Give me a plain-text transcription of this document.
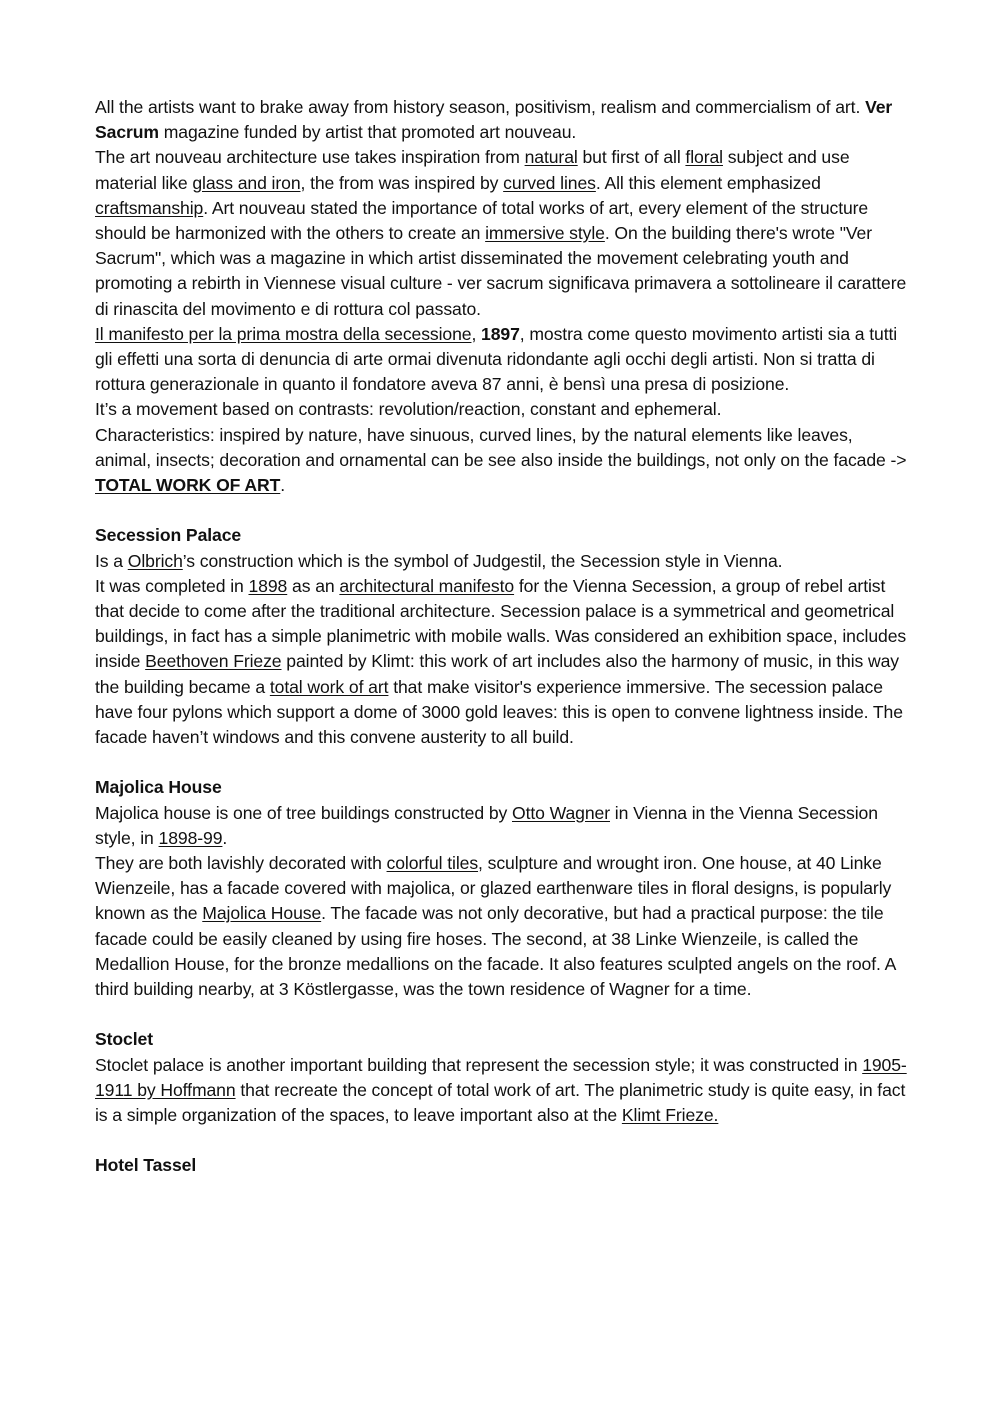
All the artists want to brake away from history season, positivism, realism and commercialism of art. Ver Sacrum magazine funded by artist that promoted art nouveau.

The art nouveau architecture use takes inspiration from natural but first of all floral subject and use material like glass and iron, the from was inspired by curved lines. All this element emphasized craftsmanship. Art nouveau stated the importance of total works of art, every element of the structure should be harmonized with the others to create an immersive style. On the building there's wrote "Ver Sacrum", which was a magazine in which artist disseminated the movement celebrating youth and promoting a rebirth in Viennese visual culture - ver sacrum significava primavera a sottolineare il carattere di rinascita del movimento e di rottura col passato.

Il manifesto per la prima mostra della secessione, 1897, mostra come questo movimento artisti sia a tutti gli effetti una sorta di denuncia di arte ormai divenuta ridondante agli occhi degli artisti. Non si tratta di rottura generazionale in quanto il fondatore aveva 87 anni, è bensì una presa di posizione.

It’s a movement based on contrasts: revolution/reaction, constant and ephemeral.

Characteristics: inspired by nature, have sinuous, curved lines, by the natural elements like leaves, animal, insects; decoration and ornamental can be see also inside the buildings, not only on the facade -> TOTAL WORK OF ART.

Secession Palace

Is a Olbrich’s construction which is the symbol of Judgestil, the Secession style in Vienna.

It was completed in 1898 as an architectural manifesto for the Vienna Secession, a group of rebel artist that decide to come after the traditional architecture. Secession palace is a symmetrical and geometrical buildings, in fact has a simple planimetric with mobile walls. Was considered an exhibition space, includes inside Beethoven Frieze painted by Klimt: this work of art includes also the harmony of music, in this way the building became a total work of art that make visitor's experience immersive. The secession palace have four pylons which support a dome of 3000 gold leaves: this is open to convene lightness inside. The facade haven’t windows and this convene austerity to all build.

Majolica House

Majolica house is one of tree buildings constructed by Otto Wagner in Vienna in the Vienna Secession style, in 1898-99.

They are both lavishly decorated with colorful tiles, sculpture and wrought iron. One house, at 40 Linke Wienzeile, has a facade covered with majolica, or glazed earthenware tiles in floral designs, is popularly known as the Majolica House. The facade was not only decorative, but had a practical purpose: the tile facade could be easily cleaned by using fire hoses. The second, at 38 Linke Wienzeile, is called the Medallion House, for the bronze medallions on the facade. It also features sculpted angels on the roof. A third building nearby, at 3 Köstlergasse, was the town residence of Wagner for a time.

Stoclet

Stoclet palace is another important building that represent the secession style; it was constructed in 1905-1911 by Hoffmann that recreate the concept of total work of art. The planimetric study is quite easy, in fact is a simple organization of the spaces, to leave important also at the Klimt Frieze.

Hotel Tassel
